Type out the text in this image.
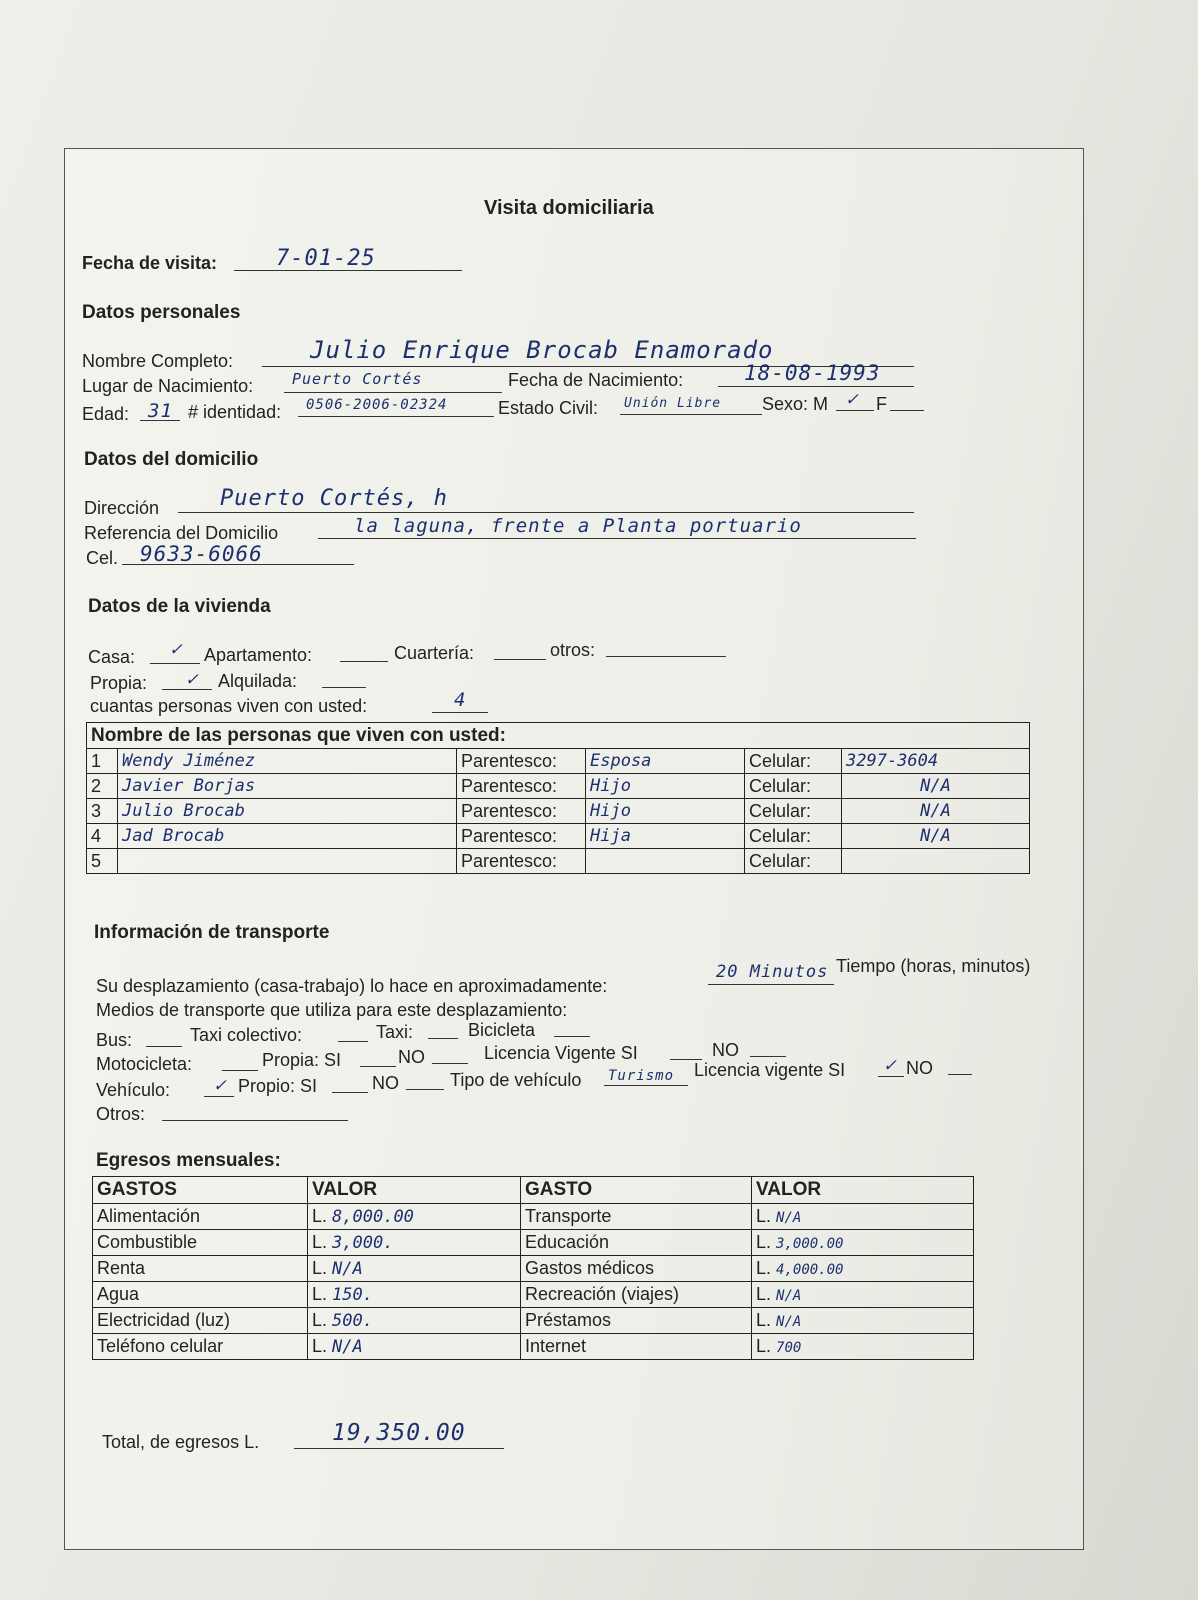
Visita domiciliaria
Fecha de visita:	7-01-25
Datos personales
Nombre Completo:	Julio Enrique Brocab Enamorado
Lugar de Nacimiento:	Puerto Cortés	Fecha de Nacimiento:	18-08-1993
Edad: 31 # identidad: 0506-2006-02324	Estado Civil: Unión Libre Sexo: M ✓ F
Datos del domicilio
Dirección	Puerto Cortés, h
Referencia del Domicilio	la laguna, frente a Planta portuario
Cel. 9633-6066
Datos de la vivienda
Casa: ✓ Apartamento:	Cuartería:	otros:
Propia: ✓ Alquilada:
cuantas personas viven con usted:	4
Nombre de las personas que viven con usted:					
1	Wendy Jiménez	Parentesco:	Esposa	Celular:	3297-3604
2	Javier Borjas	Parentesco:	Hijo	Celular:	N/A
3	Julio Brocab	Parentesco:	Hijo	Celular:	N/A
4	Jad Brocab	Parentesco:	Hija	Celular:	N/A
5		Parentesco:		Celular:	
Información de transporte
Su desplazamiento (casa-trabajo) lo hace en aproximadamente:
20 Minutos Tiempo (horas, minutos)
Medios de transporte que utiliza para este desplazamiento:
Bus:	Taxi colectivo:	Taxi:	Bicicleta
Motocicleta:	Propia: SI	NO	Licencia Vigente SI	NO
Vehículo: ✓ Propio: SI	NO	Tipo de vehículo Turismo Licencia vigente SI ✓ NO
Otros:
Egresos mensuales:
GASTOS	VALOR	GASTO	VALOR
Alimentación	L. 8,000.00	Transporte	L. N/A
Combustible	L. 3,000.	Educación	L. 3,000.00
Renta	L. N/A	Gastos médicos	L. 4,000.00
Agua	L. 150.	Recreación (viajes)	L. N/A
Electricidad (luz)	L. 500.	Préstamos	L. N/A
Teléfono celular	L. N/A	Internet	L. 700
Total, de egresos L.	19,350.00
